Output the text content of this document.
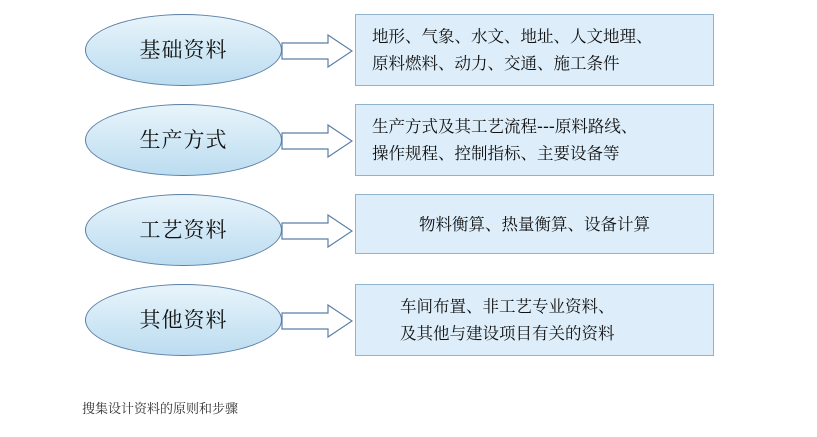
基础资料
地形、气象、水文、地址、人文地理、
原料燃料、动力、交通、施工条件
生产方式
生产方式及其工艺流程---原料路线、
操作规程、控制指标、主要设备等
工艺资料	物料衡算、热量衡算、设备计算
其他资料
车间布置、非工艺专业资料、
及其他与建设项目有关的资料
搜集设计资料的原则和步骤
